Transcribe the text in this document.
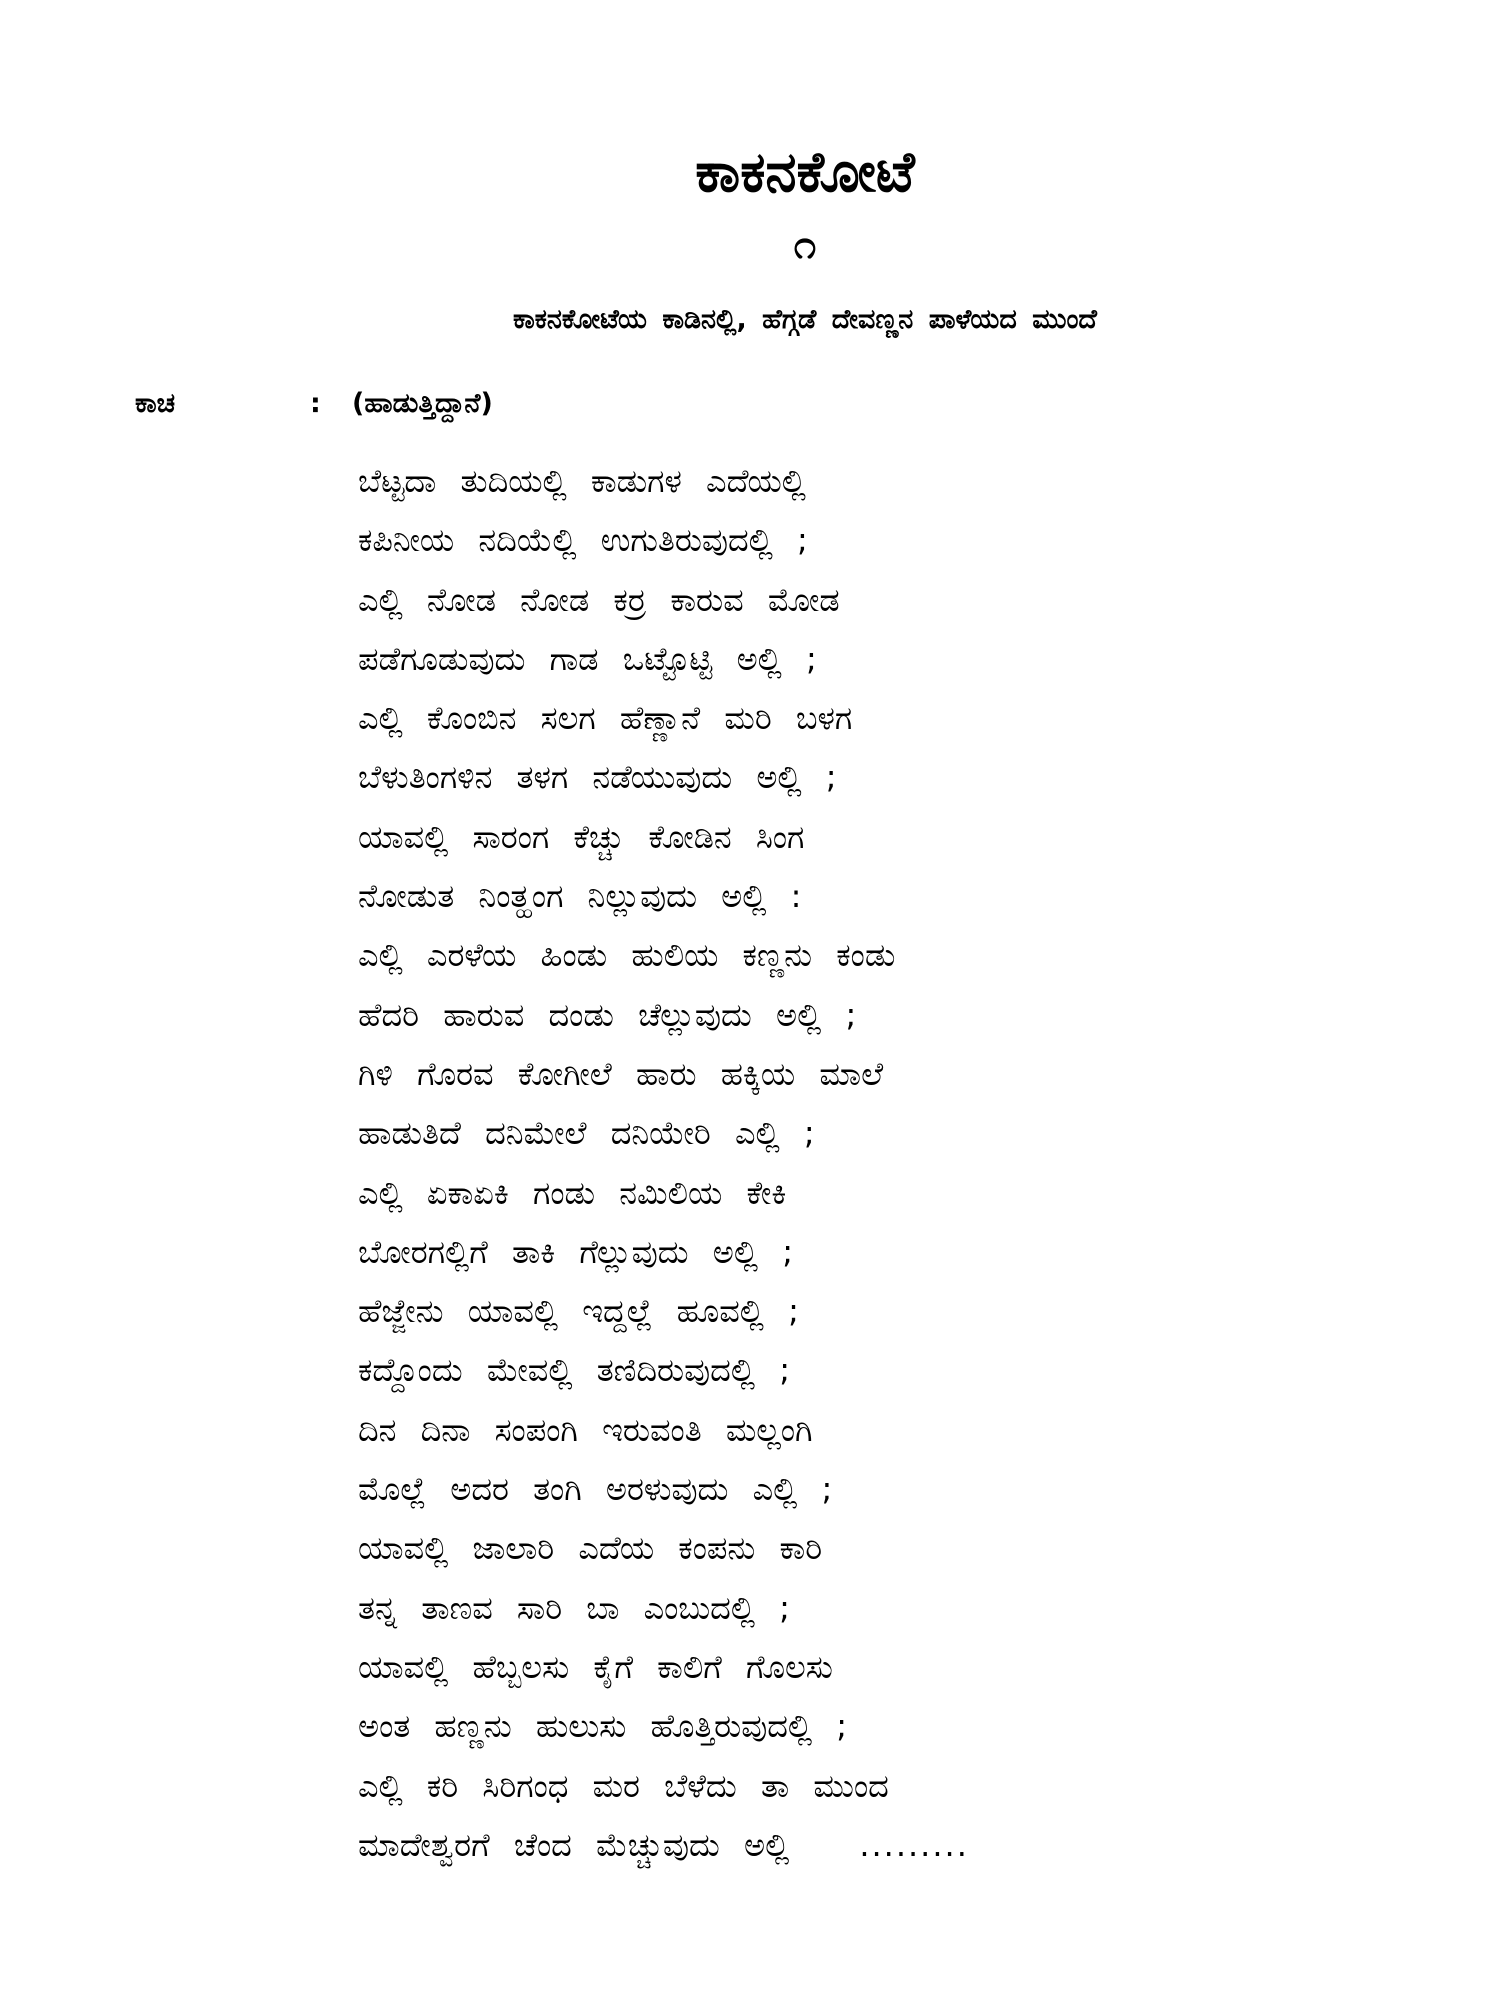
ಕಾಕನಕೋಟೆ
೧
ಕಾಕನಕೋಟೆಯ ಕಾಡಿನಲ್ಲಿ, ಹೆಗ್ಗಡೆ ದೇವಣ್ಣನ ಪಾಳೆಯದ ಮುಂದೆ
ಕಾಚ	: (ಹಾಡುತ್ತಿದ್ದಾನೆ)
ಬೆಟ್ಟದಾ ತುದಿಯಲ್ಲಿ ಕಾಡುಗಳ ಎದೆಯಲ್ಲಿ
ಕಪಿನೀಯ ನದಿಯೆಲ್ಲಿ ಉಗುತಿರುವುದಲ್ಲಿ ;
ಎಲ್ಲಿ ನೋಡ ನೋಡ ಕರ್‍ರ ಕಾರುವ ಮೋಡ
ಪಡೆಗೂಡುವುದು ಗಾಡ ಒಟ್ಟೊಟ್ಟಿ ಅಲ್ಲಿ ;
ಎಲ್ಲಿ ಕೊಂಬಿನ ಸಲಗ ಹೆಣ್ಣಾನೆ ಮರಿ ಬಳಗ
ಬೆಳುತಿಂಗಳಿನ ತಳಗ ನಡೆಯುವುದು ಅಲ್ಲಿ ;
ಯಾವಲ್ಲಿ ಸಾರಂಗ ಕೆಚ್ಚು ಕೋಡಿನ ಸಿಂಗ
ನೋಡುತ ನಿಂತ್ಹಂಗ ನಿಲ್ಲುವುದು ಅಲ್ಲಿ :
ಎಲ್ಲಿ ಎರಳೆಯ ಹಿಂಡು ಹುಲಿಯ ಕಣ್ಣನು ಕಂಡು
ಹೆದರಿ ಹಾರುವ ದಂಡು ಚೆಲ್ಲುವುದು ಅಲ್ಲಿ ;
ಗಿಳಿ ಗೊರವ ಕೋಗೀಲೆ ಹಾರು ಹಕ್ಕಿಯ ಮಾಲೆ
ಹಾಡುತಿದೆ ದನಿಮೇಲೆ ದನಿಯೇರಿ ಎಲ್ಲಿ ;
ಎಲ್ಲಿ ಏಕಾಏಕಿ ಗಂಡು ನಮಿಲಿಯ ಕೇಕಿ
ಬೋರಗಲ್ಲಿಗೆ ತಾಕಿ ಗೆಲ್ಲುವುದು ಅಲ್ಲಿ ;
ಹೆಜ್ಜೇನು ಯಾವಲ್ಲಿ ಇದ್ದಲ್ಲೆ ಹೂವಲ್ಲಿ ;
ಕದ್ದೊಂದು ಮೇವಲ್ಲಿ ತಣಿದಿರುವುದಲ್ಲಿ ;
ದಿನ ದಿನಾ ಸಂಪಂಗಿ ಇರುವಂತಿ ಮಲ್ಲಂಗಿ
ಮೊಲ್ಲೆ ಅದರ ತಂಗಿ ಅರಳುವುದು ಎಲ್ಲಿ ;
ಯಾವಲ್ಲಿ ಜಾಲಾರಿ ಎದೆಯ ಕಂಪನು ಕಾರಿ
ತನ್ನ ತಾಣವ ಸಾರಿ ಬಾ ಎಂಬುದಲ್ಲಿ ;
ಯಾವಲ್ಲಿ ಹೆಬ್ಬಲಸು ಕೈಗೆ ಕಾಲಿಗೆ ಗೊಲಸು
ಅಂತ ಹಣ್ಣನು ಹುಲುಸು ಹೊತ್ತಿರುವುದಲ್ಲಿ ;
ಎಲ್ಲಿ ಕರಿ ಸಿರಿಗಂಧ ಮರ ಬೆಳೆದು ತಾ ಮುಂದ
ಮಾದೇಶ್ವರಗೆ ಚೆಂದ ಮೆಚ್ಚುವುದು ಅಲ್ಲಿ .........
